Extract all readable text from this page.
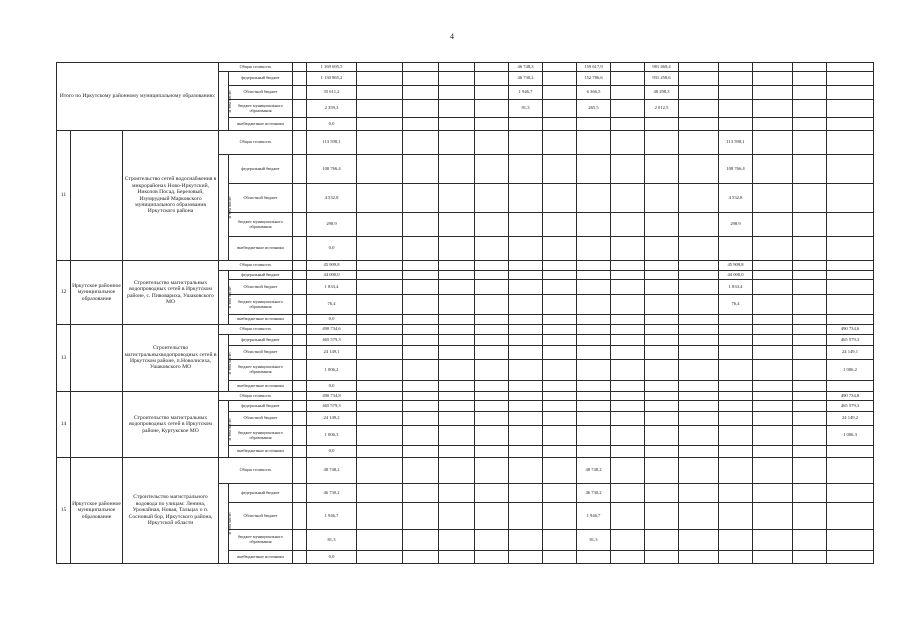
4
Итого по Иркутскому районному муниципальному образованию:			Общая стоимость			1 169 695,5					46 748,3		159 617,9		981 469,4					
			В том числе:	федеральный бюджет		1 130 865,2					46 730,2		152 786,6		931 258,6					
				Областной бюджет		35 611,2					1 946,7		6 366,5		48 298,3					
				бюджет муниципального образования		2 359,3					81,3		265,5		2 012,5					
				внебюджетные источники		0,0														
11		Строительство сетей водоснабжения в микрорайонах Ново-Иркутский, Николов Посад, Березовый, Изумрудный Марковского муниципального образования Иркутского района	Общая стоимость			113 598,1											113 598,1			
			В том числе:	федеральный бюджет		108 766,4											108 766,4			
				Областной бюджет		4 532,8											4 532,8			
				бюджет муниципального образования		298,9											298,9			
				внебюджетные источники		0,0														
12	Иркутское районное муниципальное образование	Строительство магистральных водопроводных сетей в Иркутском районе, с. Пивовариха, Ушаковского МО	Общая стоимость			45 909,8											45 909,8			
			В том числе:	федеральный бюджет		44 000,0											44 000,0			
				Областной бюджет		1 833,4											1 833,4			
				бюджет муниципального образования		76,4											76,4			
				внебюджетные источники		0,0														
13		Строительство магистральныхводопроводных сетей в Иркутском районе, п.Новолисиха, Ушаковского МО	Общая стоимость			490 734,6														490 734,6
			В том числе:	федеральный бюджет		465 579,3														465 579,3
				Областной бюджет		24 149,1														24 149,1
				бюджет муниципального образования		1 006,2														1 006,2
				внебюджетные источники		0,0														
14		Строительство магистральных водопроводных сетей в Иркутском районе, Куртукское МО	Общая стоимость			490 734,8														490 734,8
			В том числе:	федеральный бюджет		465 579,3														465 579,3
				Областной бюджет		24 149,2														24 149,2
				бюджет муниципального образования		1 006,3														1 006,3
				внебюджетные источники		0,0														
15	Иркутское районное муниципальное образование	Строительство магистрального водовода по улицам: Ленина, Урожайная, Новая, Тальцах о п. Сосновый бор, Иркутского района, Иркутской области	Общая стоимость			48 748,2							48 748,2							
			В том числе:	федеральный бюджет		46 730,2							46 730,2							
				Областной бюджет		1 946,7							1 946,7							
				бюджет муниципального образования		81,3							81,3							
				внебюджетные источники		0,0														
